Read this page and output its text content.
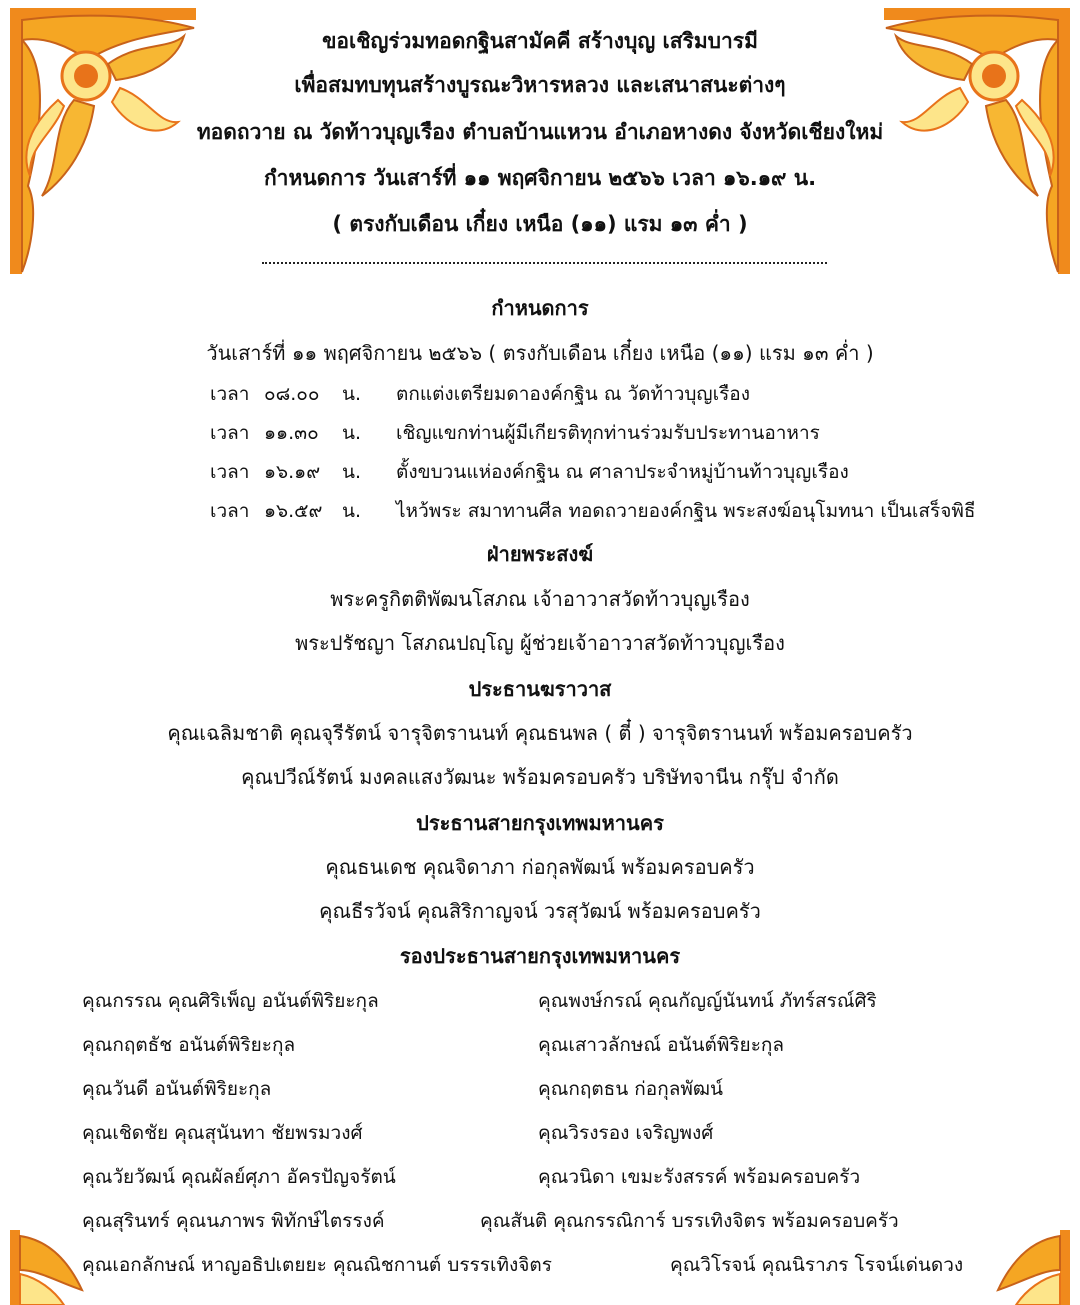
ขอเชิญร่วมทอดกฐินสามัคคี สร้างบุญ เสริมบารมี
เพื่อสมทบทุนสร้างบูรณะวิหารหลวง และเสนาสนะต่างๆ
ทอดถวาย ณ วัดท้าวบุญเรือง ตำบลบ้านแหวน อำเภอหางดง จังหวัดเชียงใหม่
กำหนดการ วันเสาร์ที่ ๑๑ พฤศจิกายน ๒๕๖๖ เวลา ๑๖.๑๙ น.
( ตรงกับเดือน เกี๋ยง เหนือ (๑๑) แรม ๑๓ ค่ำ )
กำหนดการ
วันเสาร์ที่ ๑๑ พฤศจิกายน ๒๕๖๖ ( ตรงกับเดือน เกี๋ยง เหนือ (๑๑) แรม ๑๓ ค่ำ )
เวลา ๐๘.๐๐ น. ตกแต่งเตรียมดาองค์กฐิน ณ วัดท้าวบุญเรือง
เวลา ๑๑.๓๐ น. เชิญแขกท่านผู้มีเกียรติทุกท่านร่วมรับประทานอาหาร
เวลา ๑๖.๑๙ น. ตั้งขบวนแห่องค์กฐิน ณ ศาลาประจำหมู่บ้านท้าวบุญเรือง
เวลา ๑๖.๕๙ น. ไหว้พระ สมาทานศีล ทอดถวายองค์กฐิน พระสงฆ์อนุโมทนา เป็นเสร็จพิธี
ฝ่ายพระสงฆ์
พระครูกิตติพัฒนโสภณ เจ้าอาวาสวัดท้าวบุญเรือง
พระปรัชญา โสภณปญฺโญ ผู้ช่วยเจ้าอาวาสวัดท้าวบุญเรือง
ประธานฆราวาส
คุณเฉลิมชาติ คุณจุรีรัตน์ จารุจิตรานนท์ คุณธนพล ( ตี๋ ) จารุจิตรานนท์ พร้อมครอบครัว
คุณปวีณ์รัตน์ มงคลแสงวัฒนะ พร้อมครอบครัว บริษัทจานีน กรุ๊ป จำกัด
ประธานสายกรุงเทพมหานคร
คุณธนเดช คุณจิดาภา ก่อกุลพัฒน์ พร้อมครอบครัว
คุณธีรวัจน์ คุณสิริกาญจน์ วรสุวัฒน์ พร้อมครอบครัว
รองประธานสายกรุงเทพมหานคร
คุณกรรณ คุณศิริเพ็ญ อนันต์พิริยะกุล	คุณพงษ์กรณ์ คุณกัญญ์นันทน์ ภัทร์สรณ์ศิริ
คุณกฤตธัช อนันต์พิริยะกุล	คุณเสาวลักษณ์ อนันต์พิริยะกุล
คุณวันดี อนันต์พิริยะกุล	คุณกฤตธน ก่อกุลพัฒน์
คุณเชิดชัย คุณสุนันทา ชัยพรมวงศ์	คุณวิรงรอง เจริญพงศ์
คุณวัยวัฒน์ คุณผัลย์ศุภา อัครปัญจรัตน์	คุณวนิดา เขมะรังสรรค์ พร้อมครอบครัว
คุณสุรินทร์ คุณนภาพร พิทักษ์ไตรรงค์	คุณสันติ คุณกรรณิการ์ บรรเทิงจิตร พร้อมครอบครัว
คุณเอกลักษณ์ หาญอธิปเตยยะ คุณณิชกานต์ บรรรเทิงจิตร	คุณวิโรจน์ คุณนิราภร โรจน์เด่นดวง
